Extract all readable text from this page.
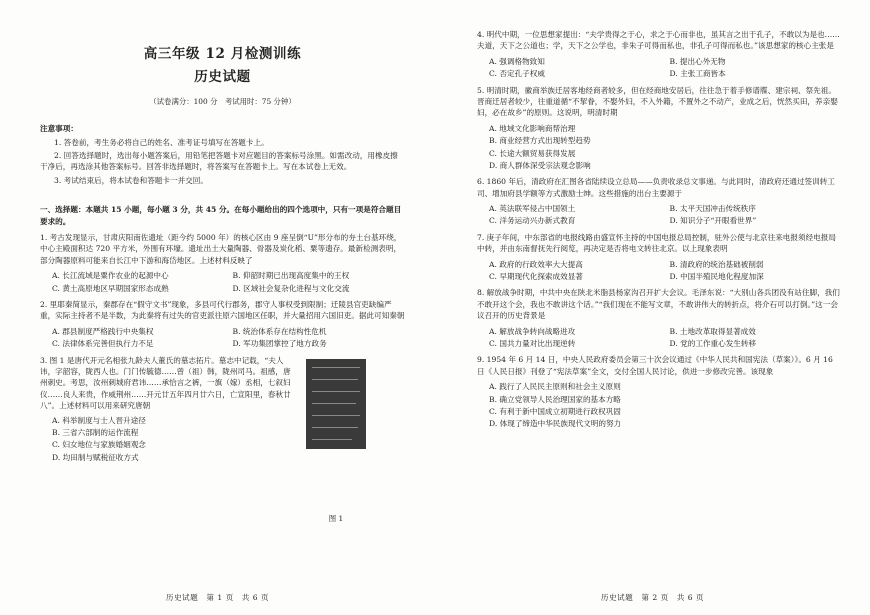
高三年级 12 月检测训练
历史试题
（试卷满分：100 分　考试用时：75 分钟）
注意事项：

1. 答卷前，考生务必将自己的姓名、准考证号填写在答题卡上。

2. 回答选择题时，选出每小题答案后，用铅笔把答题卡对应题目的答案标号涂黑。如需改动，用橡皮擦干净后，再选涂其他答案标号。回答非选择题时，将答案写在答题卡上。写在本试卷上无效。

3. 考试结束后，将本试卷和答题卡一并交回。

一、选择题：本题共 15 小题，每小题 3 分，共 45 分。在每小题给出的四个选项中，只有一项是符合题目要求的。
1. 考古发现显示，甘肃庆阳南佐遗址（距今约 5000 年）的核心区由 9 座呈倒“U”形分布的夯土台基环绕，中心主殿面积达 720 平方米，外围有环壕。遗址出土大量陶器、骨器及炭化稻、粟等遗存。最新检测表明，部分陶器原料可能来自长江中下游和海岱地区。上述材料反映了
A. 长江流域是粟作农业的起源中心	B. 仰韶时期已出现高度集中的王权
C. 黄土高原地区早期国家形态成熟	D. 区域社会复杂化进程与文化交流
2. 里耶秦简显示，秦郡存在“假守文书”现象，多县可代行郡务，郡守人事权受到限制；迁陵县官吏缺编严重，实际主持者不是半数，为此秦将有过失的官吏派往原六国地区任职，并大量招用六国旧吏。据此可知秦朝
A. 郡县制度严格践行中央集权	B. 统治体系存在结构性危机
C. 法律体系完善但执行力不足	D. 军功集团掌控了地方政务
3. 图 1 是唐代开元名相张九龄夫人董氏的墓志拓片。墓志中记载，“夫人讳，字韶容，陇西人也。门门传毓德……曾（祖）韩，陇州司马。祖感，唐州刺史。考思，汝州刺城府君讳……承恰言之裤，一旗（嫁）丞相，七叙妇仪……良人来贵，作威荆州……开元廿五年四月廿六日，亡宣阳里，春秋廿八”。上述材料可以用来研究唐朝
A. 科举制度与士人晋升途径
B. 三省六部制的运作流程
C. 妇女地位与家族婚姻观念
D. 均田制与赋税征收方式
图 1
历史试题　第 1 页　共 6 页
4. 明代中期，一位思想家提出：“夫学贵得之于心，求之于心而非也，虽其言之出于孔子，不敢以为是也……夫道，天下之公道也；学，天下之公学也，非朱子可得而私也，非孔子可得而私也。”该思想家的核心主张是
A. 强调格物致知	B. 提出心外无物
C. 否定孔子权威	D. 主张工商皆本
5. 明清时期，徽商举族迁居客地经商者较多，但在经商地安居后，往往急于着手修谱牒、建宗祠、祭先祖。晋商迁居者较少，往重道循“不挈眷，不娶外妇，不入外籍，不置外之不动产，业成之后，恍然买田，养亲娶妇，必在故乡”的原则。这说明，明清时期
A. 地域文化影响商帮治理
B. 商业经营方式出现转型趋势
C. 长途大额贸易获得发展
D. 商人群体深受宗法观念影响
6. 1860 年后，清政府在汇图各省陆续设立总局——负责收录总文事递。与此同时，清政府还通过签训转工司、增加府县学额等方式激励士绅。这些措施的出台主要源于
A. 英法联军侵占中国领土	B. 太平天国冲击传统秩序
C. 洋务运动兴办新式教育	D. 知识分子“开眼看世界”
7. 庚子年间，中东部省的电报线路由盛宣怀主持的中国电报总局控制，驻外公使与北京往来电报须经电报局中转，并由东南督抚先行阅览，再决定是否将电文转往北京。以上现象表明
A. 政府的行政效率大大提高	B. 清政府的统治基础被削弱
C. 早期现代化探索成效显著	D. 中国半殖民地化程度加深
8. 解放战争时期，中共中央在陕北米脂县杨家沟召开扩大会议。毛泽东说：“大别山各兵团没有站住脚，我们不敢开这个会，我也不敢讲这个话。”“我们现在不能写文章，不敢讲伟大的转折点，将介石可以打倒。”这一会议召开的历史背景是
A. 解放战争转向战略进攻	B. 土地改革取得显著成效
C. 国共力量对比出现逆转	D. 党的工作重心发生转移
9. 1954 年 6 月 14 日，中央人民政府委员会第三十次会议通过《中华人民共和国宪法（草案）》。6 月 16 日《人民日报》刊登了“宪法草案”全文，交付全国人民讨论，供进一步修改完善。该现象
A. 践行了人民民主原则和社会主义原则
B. 确立党领导人民治理国家的基本方略
C. 有利于新中国成立初期进行政权巩固
D. 体现了缔造中华民族现代文明的努力
历史试题　第 2 页　共 6 页
